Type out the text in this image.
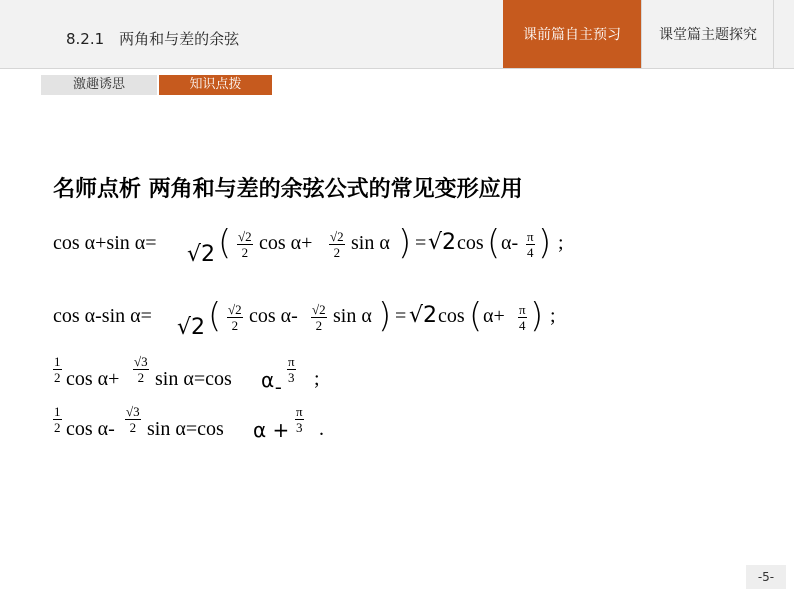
8.2.1　两角和与差的余弦	课前篇自主预习	课堂篇主题探究
激趣诱思	知识点拨
名师点析 两角和与差的余弦公式的常见变形应用
cos α+sin α= √2 ( $\frac{√2}{2}$ $\cos \alpha+ \frac{√2}{2}$ sin α ) = √2 cos ( $\alpha- \frac{\pi}{4}$ ) ;
cos α-sin α= √2 ( $\frac{√2}{2}$ $\cos \alpha- \frac{√2}{2}$ sin α ) = √2 cos ( $\alpha+ \frac{\pi}{4}$ ) ;
$\frac{1}{2}$ $\cos \alpha+ \frac{√3}{2}$ sin α=cos α -
$\frac{\pi}{3}$ ;
$\frac{1}{2}$ $\cos \alpha- \frac{√3}{2}$ sin α=cos $\alpha + \frac{\pi}{3}$ .
-5-
